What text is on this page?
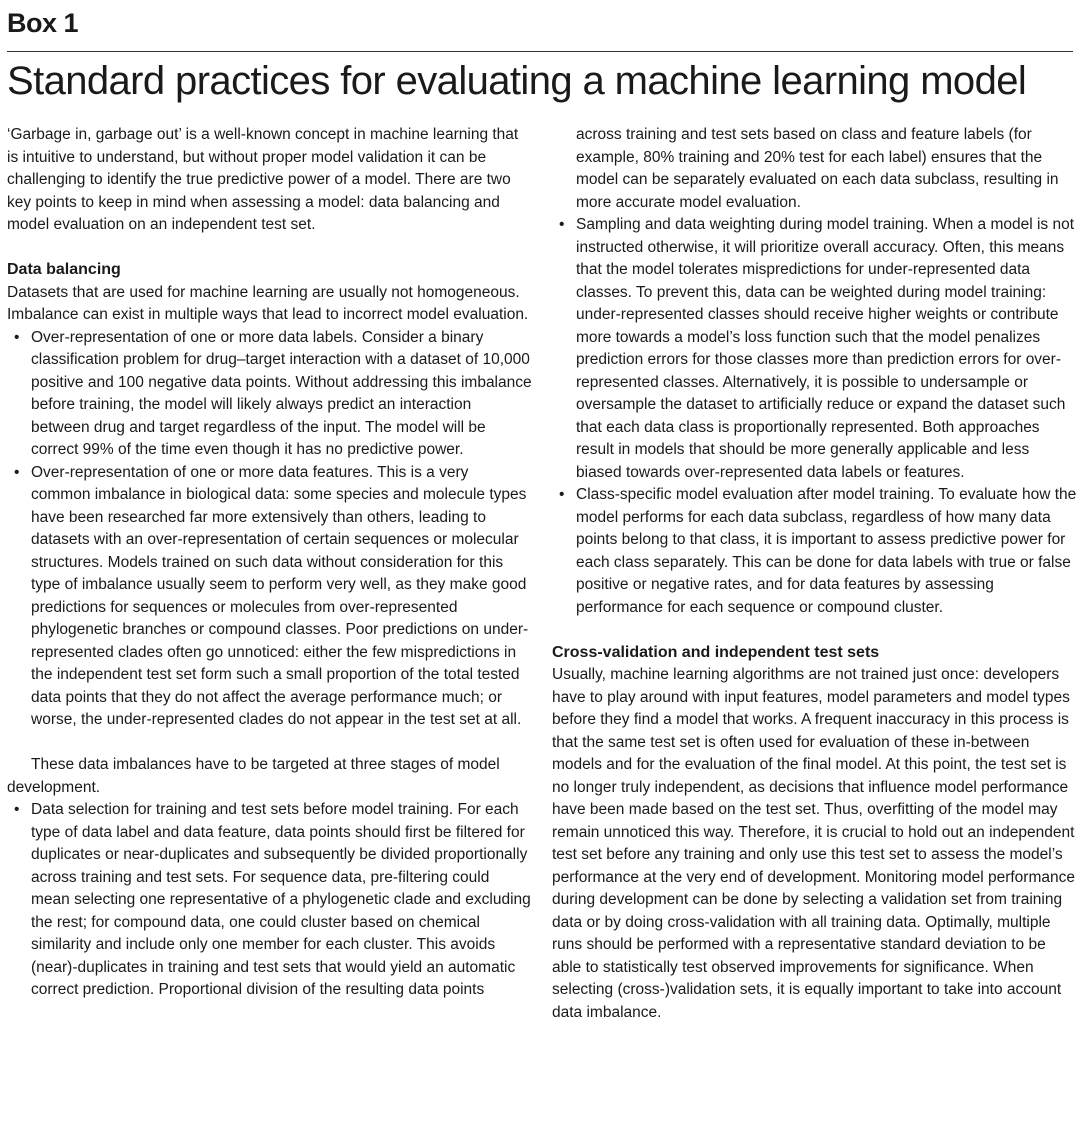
Box 1
Standard practices for evaluating a machine learning model

‘Garbage in, garbage out’ is a well-known concept in machine learning that is intuitive to understand, but without proper model validation it can be challenging to identify the true predictive power of a model. There are two key points to keep in mind when assessing a model: data balancing and model evaluation on an independent test set.

Data balancing

Datasets that are used for machine learning are usually not homogeneous. Imbalance can exist in multiple ways that lead to incorrect model evaluation.

• Over-representation of one or more data labels. Consider a binary classification problem for drug–target interaction with a dataset of 10,000 positive and 100 negative data points. Without addressing this imbalance before training, the model will likely always predict an interaction between drug and target regardless of the input. The model will be correct 99% of the time even though it has no predictive power.
• Over-representation of one or more data features. This is a very common imbalance in biological data: some species and molecule types have been researched far more extensively than others, leading to datasets with an over-representation of certain sequences or molecular structures. Models trained on such data without consideration for this type of imbalance usually seem to perform very well, as they make good predictions for sequences or molecules from over-represented phylogenetic branches or compound classes. Poor predictions on under-represented clades often go unnoticed: either the few mispredictions in the independent test set form such a small proportion of the total tested data points that they do not affect the average performance much; or worse, the under-represented clades do not appear in the test set at all.

These data imbalances have to be targeted at three stages of model development.

• Data selection for training and test sets before model training. For each type of data label and data feature, data points should first be filtered for duplicates or near-duplicates and subsequently be divided proportionally across training and test sets. For sequence data, pre-filtering could mean selecting one representative of a phylogenetic clade and excluding the rest; for compound data, one could cluster based on chemical similarity and include only one member for each cluster. This avoids (near)-duplicates in training and test sets that would yield an automatic correct prediction. Proportional division of the resulting data points

across training and test sets based on class and feature labels (for example, 80% training and 20% test for each label) ensures that the model can be separately evaluated on each data subclass, resulting in more accurate model evaluation.

• Sampling and data weighting during model training. When a model is not instructed otherwise, it will prioritize overall accuracy. Often, this means that the model tolerates mispredictions for under-represented data classes. To prevent this, data can be weighted during model training: under-represented classes should receive higher weights or contribute more towards a model’s loss function such that the model penalizes prediction errors for those classes more than prediction errors for over-represented classes. Alternatively, it is possible to undersample or oversample the dataset to artificially reduce or expand the dataset such that each data class is proportionally represented. Both approaches result in models that should be more generally applicable and less biased towards over-represented data labels or features.
• Class-specific model evaluation after model training. To evaluate how the model performs for each data subclass, regardless of how many data points belong to that class, it is important to assess predictive power for each class separately. This can be done for data labels with true or false positive or negative rates, and for data features by assessing performance for each sequence or compound cluster.
Cross-validation and independent test sets

Usually, machine learning algorithms are not trained just once: developers have to play around with input features, model parameters and model types before they find a model that works. A frequent inaccuracy in this process is that the same test set is often used for evaluation of these in-between models and for the evaluation of the final model. At this point, the test set is no longer truly independent, as decisions that influence model performance have been made based on the test set. Thus, overfitting of the model may remain unnoticed this way. Therefore, it is crucial to hold out an independent test set before any training and only use this test set to assess the model’s performance at the very end of development. Monitoring model performance during development can be done by selecting a validation set from training data or by doing cross-validation with all training data. Optimally, multiple runs should be performed with a representative standard deviation to be able to statistically test observed improvements for significance. When selecting (cross-)validation sets, it is equally important to take into account data imbalance.
